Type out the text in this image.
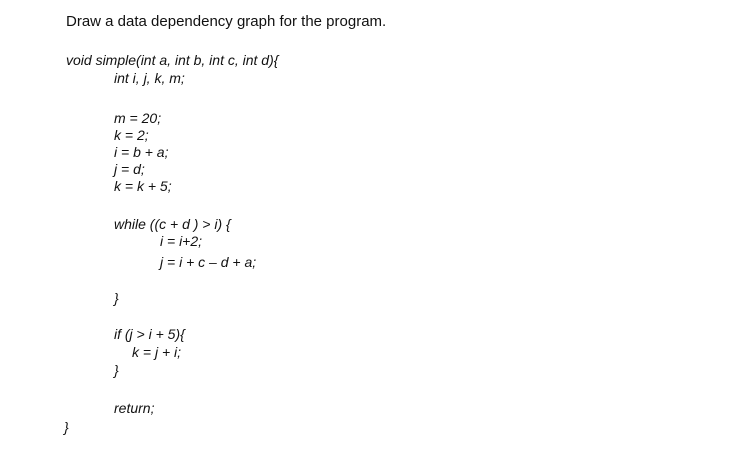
Draw a data dependency graph for the program.
void simple(int a, int b, int c, int d){
int i, j, k, m;
m = 20;
k = 2;
i = b + a;
j = d;
k = k + 5;
while ((c + d ) > i) {
i = i+2;
j = i + c – d + a;
}
if (j > i + 5){
k = j + i;
}
return;
}
